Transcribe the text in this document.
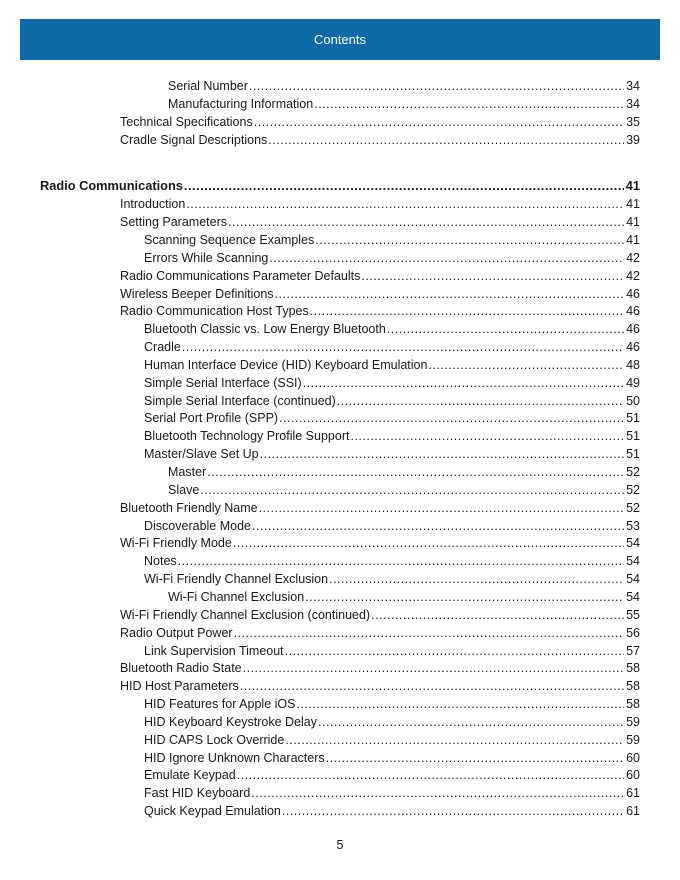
Contents
Serial Number .....	34
Manufacturing Information .....	34
Technical Specifications .....	35
Cradle Signal Descriptions .....	39
Radio Communications .....	41
Introduction .....	41
Setting Parameters .....	41
Scanning Sequence Examples .....	41
Errors While Scanning .....	42
Radio Communications Parameter Defaults .....	42
Wireless Beeper Definitions .....	46
Radio Communication Host Types .....	46
Bluetooth Classic vs. Low Energy Bluetooth .....	46
Cradle .....	46
Human Interface Device (HID) Keyboard Emulation .....	48
Simple Serial Interface (SSI) .....	49
Simple Serial Interface (continued) .....	50
Serial Port Profile (SPP) .....	51
Bluetooth Technology Profile Support .....	51
Master/Slave Set Up .....	51
Master .....	52
Slave .....	52
Bluetooth Friendly Name .....	52
Discoverable Mode .....	53
Wi-Fi Friendly Mode .....	54
Notes .....	54
Wi-Fi Friendly Channel Exclusion .....	54
Wi-Fi Channel Exclusion .....	54
Wi-Fi Friendly Channel Exclusion (continued) .....	55
Radio Output Power .....	56
Link Supervision Timeout .....	57
Bluetooth Radio State .....	58
HID Host Parameters .....	58
HID Features for Apple iOS .....	58
HID Keyboard Keystroke Delay .....	59
HID CAPS Lock Override .....	59
HID Ignore Unknown Characters .....	60
Emulate Keypad .....	60
Fast HID Keyboard .....	61
Quick Keypad Emulation .....	61
5
